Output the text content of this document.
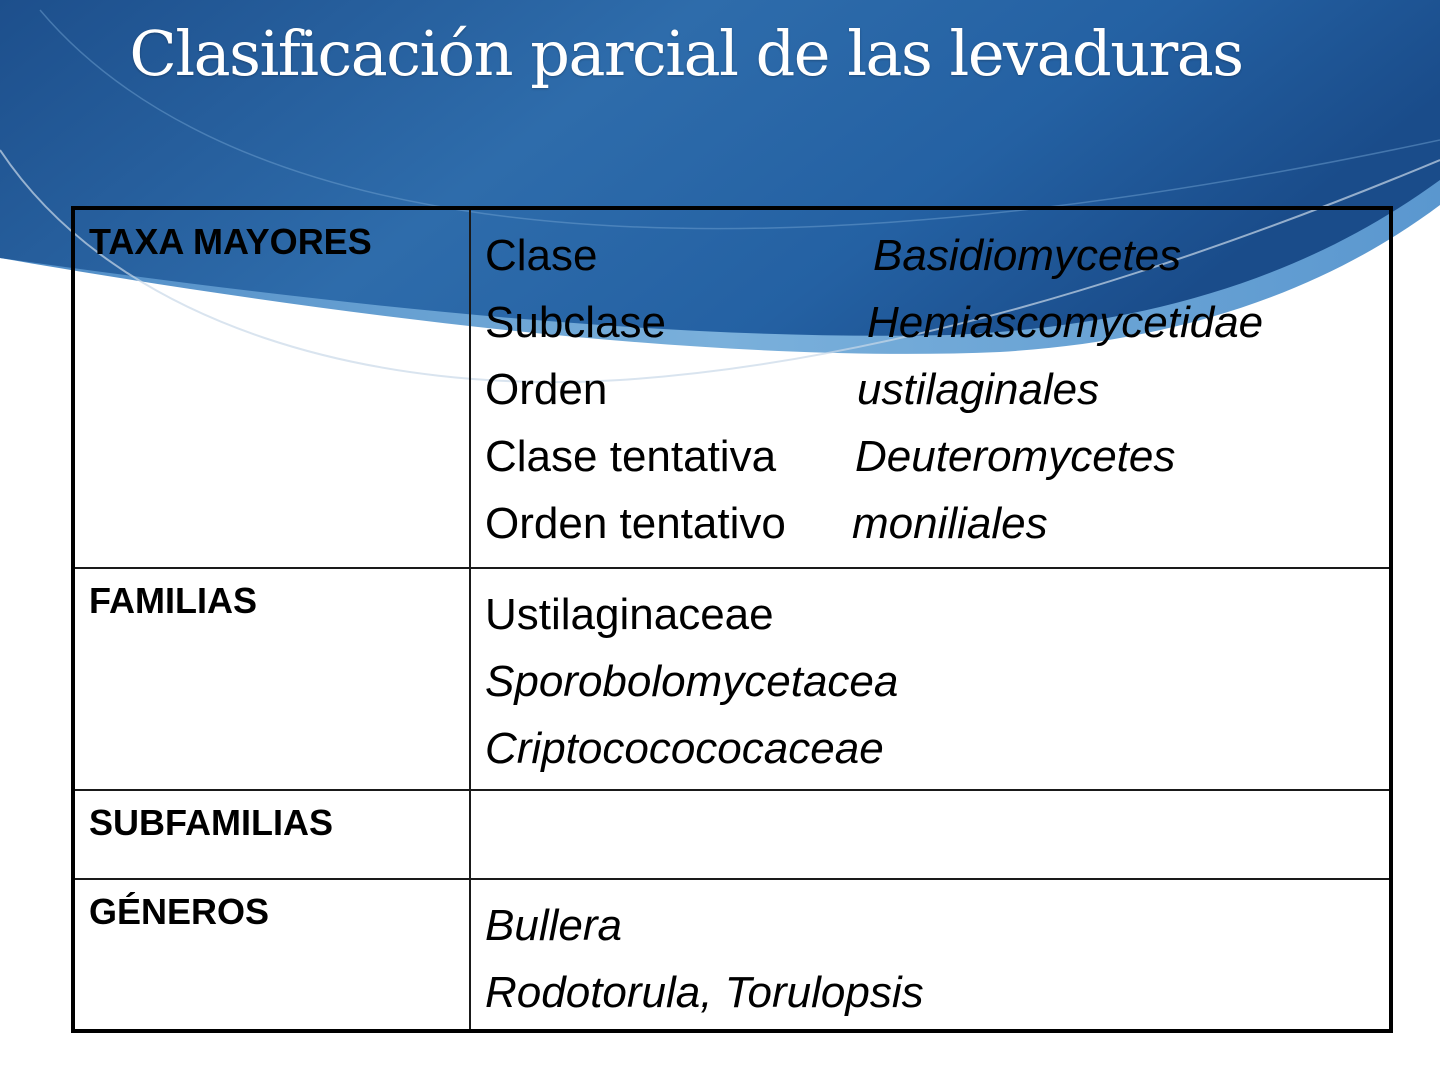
Clasificación parcial de las levaduras
TAXA MAYORES	Clase	Basidiomycetes
Subclase	Hemiascomycetidae
Orden	ustilaginales
Clase tentativa Deuteromycetes
Orden tentativo moniliales

FAMILIAS	Ustilaginaceae
Sporobolomycetacea
Criptococococaceae

SUBFAMILIAS	
GÉNEROS	Bullera
Rodotorula, Torulopsis
